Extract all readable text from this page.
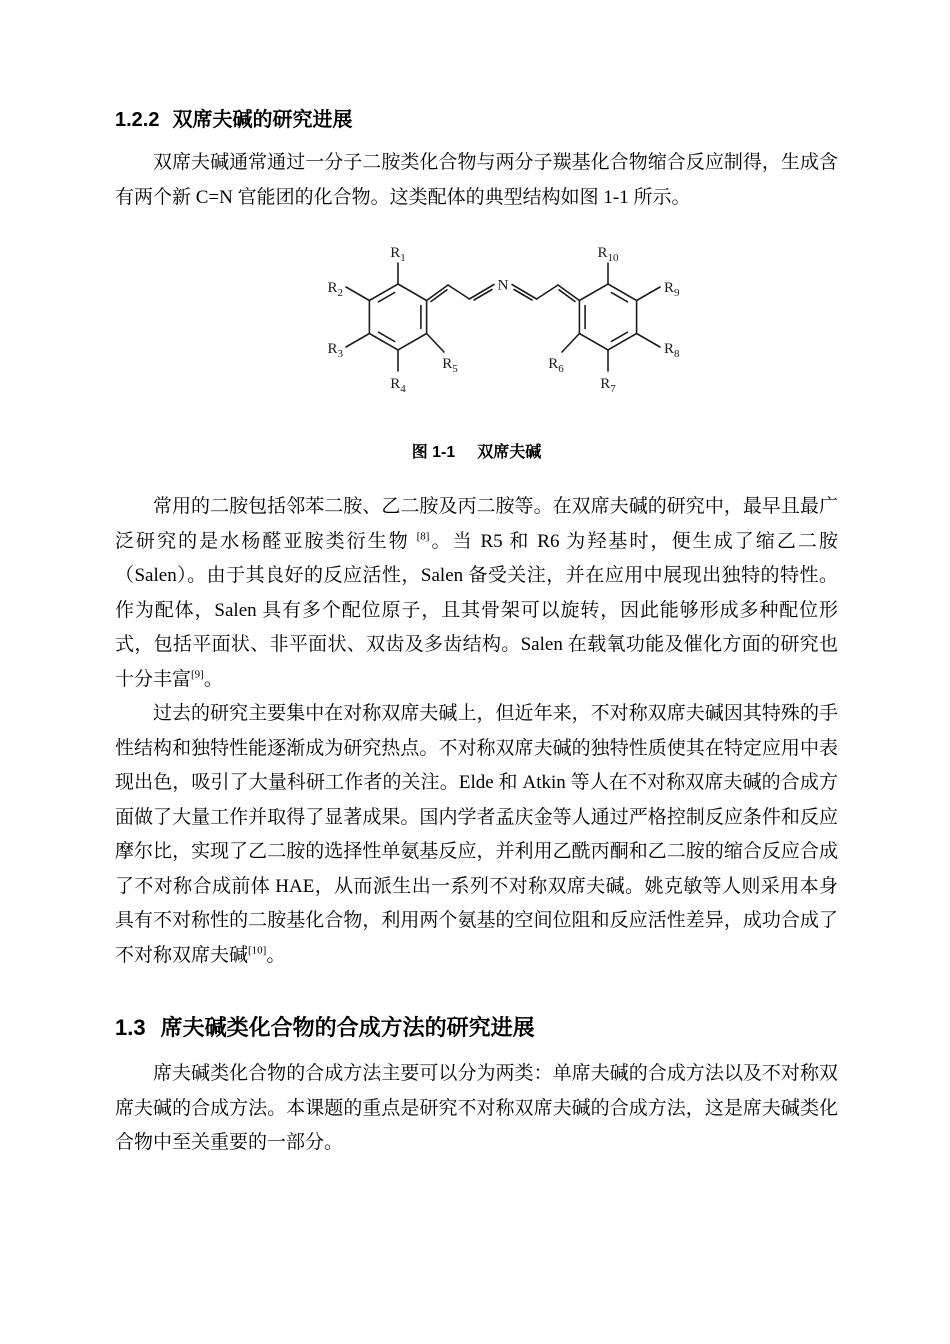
1.2.2 双席夫碱的研究进展

双席夫碱通常通过一分子二胺类化合物与两分子羰基化合物缩合反应制得，生成含有两个新 C=N 官能团的化合物。这类配体的典型结构如图 1-1 所示。

N
$R_1$
$R_2$
$R_3$
$R_4$
$R_5$	$R_6$
$R_7$
$R_8$
$R_9$
$R_{10}$
图 1-1 双席夫碱

常用的二胺包括邻苯二胺、乙二胺及丙二胺等。在双席夫碱的研究中，最早且最广泛研究的是水杨醛亚胺类衍生物 [8]。当 R5 和 R6 为羟基时，便生成了缩乙二胺（Salen）。由于其良好的反应活性，Salen 备受关注，并在应用中展现出独特的特性。作为配体，Salen 具有多个配位原子，且其骨架可以旋转，因此能够形成多种配位形式，包括平面状、非平面状、双齿及多齿结构。Salen 在载氧功能及催化方面的研究也十分丰富[9]。

过去的研究主要集中在对称双席夫碱上，但近年来，不对称双席夫碱因其特殊的手性结构和独特性能逐渐成为研究热点。不对称双席夫碱的独特性质使其在特定应用中表现出色，吸引了大量科研工作者的关注。Elde 和 Atkin 等人在不对称双席夫碱的合成方面做了大量工作并取得了显著成果。国内学者孟庆金等人通过严格控制反应条件和反应摩尔比，实现了乙二胺的选择性单氨基反应，并利用乙酰丙酮和乙二胺的缩合反应合成了不对称合成前体 HAE，从而派生出一系列不对称双席夫碱。姚克敏等人则采用本身具有不对称性的二胺基化合物，利用两个氨基的空间位阻和反应活性差异，成功合成了不对称双席夫碱[10]。

1.3 席夫碱类化合物的合成方法的研究进展

席夫碱类化合物的合成方法主要可以分为两类：单席夫碱的合成方法以及不对称双席夫碱的合成方法。本课题的重点是研究不对称双席夫碱的合成方法，这是席夫碱类化合物中至关重要的一部分。
